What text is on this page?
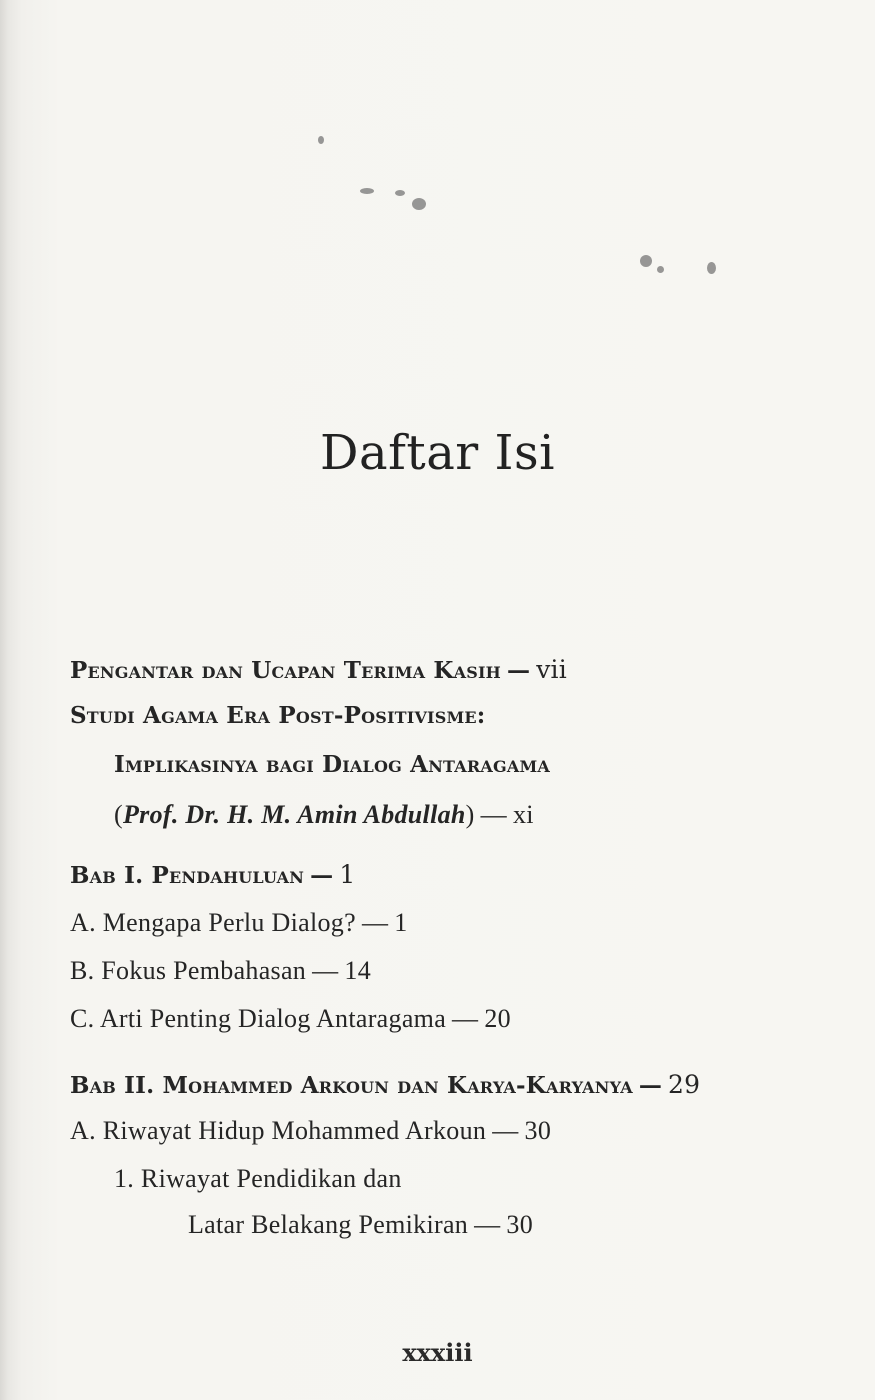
Daftar Isi
Pengantar dan Ucapan Terima Kasih — vii
Studi Agama Era Post-Positivisme:
Implikasinya bagi Dialog Antaragama
(Prof. Dr. H. M. Amin Abdullah) — xi
Bab I. Pendahuluan — 1
A. Mengapa Perlu Dialog? — 1
B. Fokus Pembahasan — 14
C. Arti Penting Dialog Antaragama — 20
Bab II. Mohammed Arkoun dan Karya-Karyanya — 29
A. Riwayat Hidup Mohammed Arkoun — 30
1. Riwayat Pendidikan dan
Latar Belakang Pemikiran — 30
xxxiii
